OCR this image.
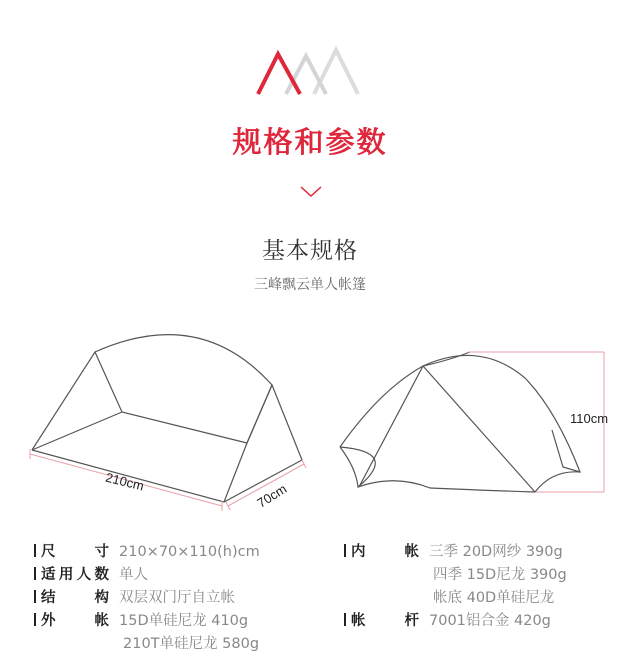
规格和参数
基本规格
三峰飘云单人帐篷
210cm	70cm
110cm
尺寸 210×70×110(h)cm
适用人数 单人
结构 双层双门厅自立帐
外帐 15D单硅尼龙 410g
210T单硅尼龙 580g
内帐 三季 20D网纱 390g
四季 15D尼龙 390g
帐底 40D单硅尼龙
帐杆 7001铝合金 420g
